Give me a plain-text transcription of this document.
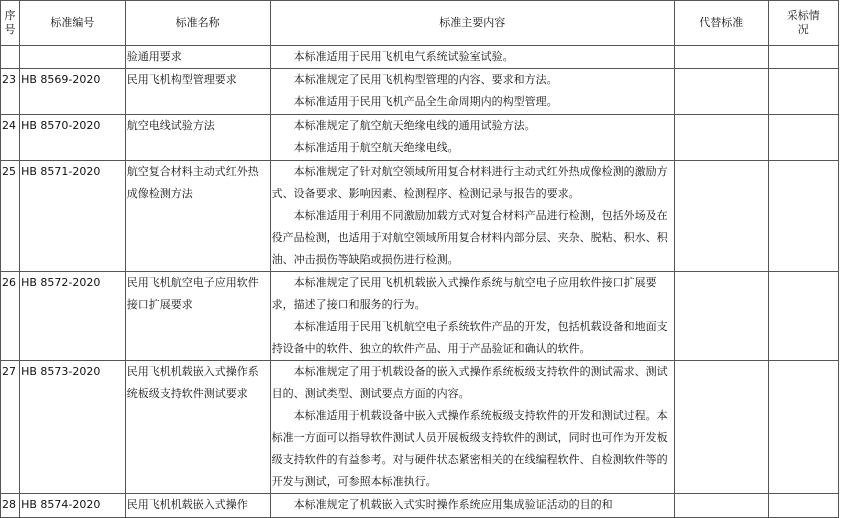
序号	标准编号	标准名称	标准主要内容	代替标准	采标情况
		验通用要求	本标准适用于民用飞机电气系统试验室试验。		

23	HB 8569-2020	民用飞机构型管理要求	本标准规定了民用飞机构型管理的内容、要求和方法。

本标准适用于民用飞机产品全生命周期内的构型管理。		

24	HB 8570-2020	航空电线试验方法	本标准规定了航空航天绝缘电线的通用试验方法。

本标准适用于航空航天绝缘电线。		

25	HB 8571-2020	航空复合材料主动式红外热成像检测方法	本标准规定了针对航空领域所用复合材料进行主动式红外热成像检测的激励方式、设备要求、影响因素、检测程序、检测记录与报告的要求。

本标准适用于利用不同激励加载方式对复合材料产品进行检测，包括外场及在役产品检测，也适用于对航空领域所用复合材料内部分层、夹杂、脱粘、积水、积油、冲击损伤等缺陷或损伤进行检测。		

26	HB 8572-2020	民用飞机航空电子应用软件接口扩展要求	本标准规定了民用飞机机载嵌入式操作系统与航空电子应用软件接口扩展要求，描述了接口和服务的行为。

本标准适用于民用飞机航空电子系统软件产品的开发，包括机载设备和地面支持设备中的软件、独立的软件产品、用于产品验证和确认的软件。		

27	HB 8573-2020	民用飞机机载嵌入式操作系统板级支持软件测试要求	本标准规定了用于机载设备的嵌入式操作系统板级支持软件的测试需求、测试目的、测试类型、测试要点方面的内容。

本标准适用于机载设备中嵌入式操作系统板级支持软件的开发和测试过程。本标准一方面可以指导软件测试人员开展板级支持软件的测试，同时也可作为开发板级支持软件的有益参考。对与硬件状态紧密相关的在线编程软件、自检测软件等的开发与测试，可参照本标准执行。		

28	HB 8574-2020	民用飞机机载嵌入式操作	本标准规定了机载嵌入式实时操作系统应用集成验证活动的目的和		
